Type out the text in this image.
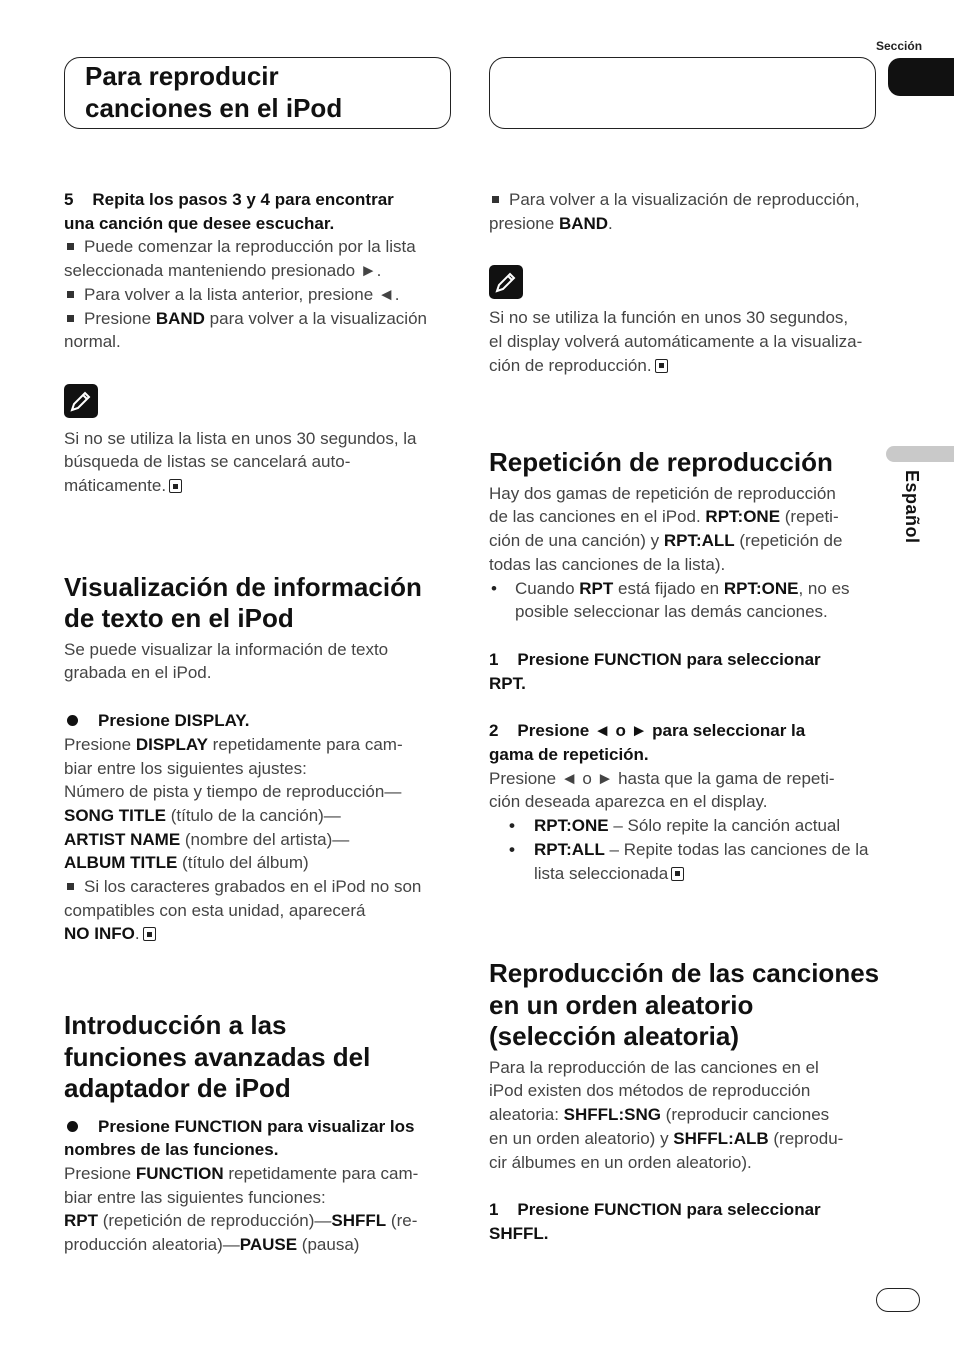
Para reproducir
canciones en el iPod
Sección
Español

5 Repita los pasos 3 y 4 para encontrar

una canción que desee escuchar.

Puede comenzar la reproducción por la lista

seleccionada manteniendo presionado ►.

Para volver a la lista anterior, presione ◄.

Presione BAND para volver a la visualización

normal.

Si no se utiliza la lista en unos 30 segundos, la

búsqueda de listas se cancelará auto-

máticamente.

Visualización de información
de texto en el iPod

Se puede visualizar la información de texto

grabada en el iPod.

Presione DISPLAY.

Presione DISPLAY repetidamente para cam-

biar entre los siguientes ajustes:

Número de pista y tiempo de reproducción—

SONG TITLE (título de la canción)—

ARTIST NAME (nombre del artista)—

ALBUM TITLE (título del álbum)

Si los caracteres grabados en el iPod no son

compatibles con esta unidad, aparecerá

NO INFO.

Introducción a las
funciones avanzadas del
adaptador de iPod

Presione FUNCTION para visualizar los

nombres de las funciones.

Presione FUNCTION repetidamente para cam-

biar entre las siguientes funciones:

RPT (repetición de reproducción)—SHFFL (re-

producción aleatoria)—PAUSE (pausa)

Para volver a la visualización de reproducción,

presione BAND.

Si no se utiliza la función en unos 30 segundos,

el display volverá automáticamente a la visualiza-

ción de reproducción.

Repetición de reproducción

Hay dos gamas de repetición de reproducción

de las canciones en el iPod. RPT:ONE (repeti-

ción de una canción) y RPT:ALL (repetición de

todas las canciones de la lista).

• Cuando RPT está fijado en RPT:ONE, no es

posible seleccionar las demás canciones.

1 Presione FUNCTION para seleccionar

RPT.

2 Presione ◄ o ► para seleccionar la

gama de repetición.

Presione ◄ o ► hasta que la gama de repeti-

ción deseada aparezca en el display.

• RPT:ONE – Sólo repite la canción actual

• RPT:ALL – Repite todas las canciones de la

lista seleccionada

Reproducción de las canciones
en un orden aleatorio
(selección aleatoria)

Para la reproducción de las canciones en el

iPod existen dos métodos de reproducción

aleatoria: SHFFL:SNG (reproducir canciones

en un orden aleatorio) y SHFFL:ALB (reprodu-

cir álbumes en un orden aleatorio).

1 Presione FUNCTION para seleccionar

SHFFL.
